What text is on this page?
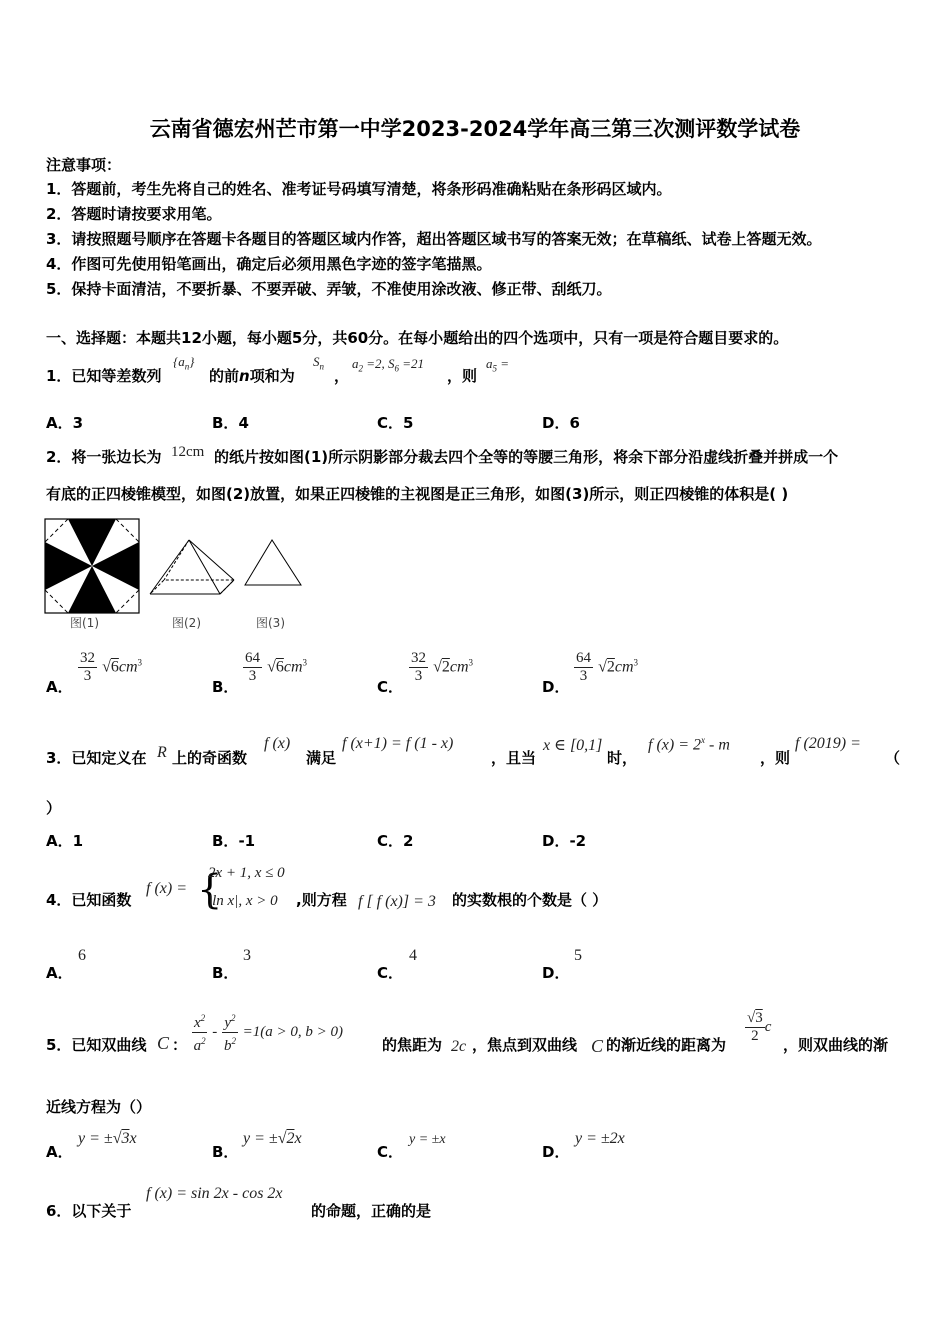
云南省德宏州芒市第一中学2023-2024学年高三第三次测评数学试卷
注意事项：
1．答题前，考生先将自己的姓名、准考证号码填写清楚，将条形码准确粘贴在条形码区域内。
2．答题时请按要求用笔。
3．请按照题号顺序在答题卡各题目的答题区域内作答，超出答题区域书写的答案无效；在草稿纸、试卷上答题无效。
4．作图可先使用铅笔画出，确定后必须用黑色字迹的签字笔描黑。
5．保持卡面清洁，不要折暴、不要弄破、弄皱，不准使用涂改液、修正带、刮纸刀。
一、选择题：本题共12小题，每小题5分，共60分。在每小题给出的四个选项中，只有一项是符合题目要求的。
1．已知等差数列
$\{a_n\}$
的前n项和为
$S_n$
，
$a_2 =2$, $S_6 =21$
，则
$a_5$ =
A．3	B．4	C．5	D．6
2．将一张边长为 12cm 的纸片按如图(1)所示阴影部分裁去四个全等的等腰三角形，将余下部分沿虚线折叠并拼成一个
有底的正四棱锥模型，如图(2)放置，如果正四棱锥的主视图是正三角形，如图(3)所示，则正四棱锥的体积是( )
图(1)	图(2)	图(3)
A．
$\frac{32}{3} √6cm^3$
B．
$\frac{64}{3} √6cm^3$
C．
$\frac{32}{3} √2cm^3$
D．
$\frac{64}{3} √2cm^3$
3．已知定义在 R 上的奇函数
f (x)
满足
f (x+1) = f (1 - x)
，且当
x ∈ [0,1]
时，
f $(x) = 2^x - m$
，则
f (2019) =
（
）
A．1	B．-1	C．2	D．-2
4．已知函数
f (x) = {
2x + 1, x ≤ 0
|ln x|, x > 0 ,则方程 f [ f (x)] = 3 的实数根的个数是（ ）
A．
6
B．
3
C．
4
D．
5
5．已知双曲线 C ： $\frac{x^2}{a^2} - \frac{y^2}{b^2} =1(a > 0$, b > 0)
的焦距为 2c ，焦点到双曲线 C 的渐近线的距离为 $\frac{√3}{2}$ c
，则双曲线的渐
近线方程为（）
A．
y = ±√3x
B．
y = ±√2x
C．
y = ±x
D．
y = ±2x
6．以下关于
f (x) = sin 2x - cos 2x
的命题，正确的是
